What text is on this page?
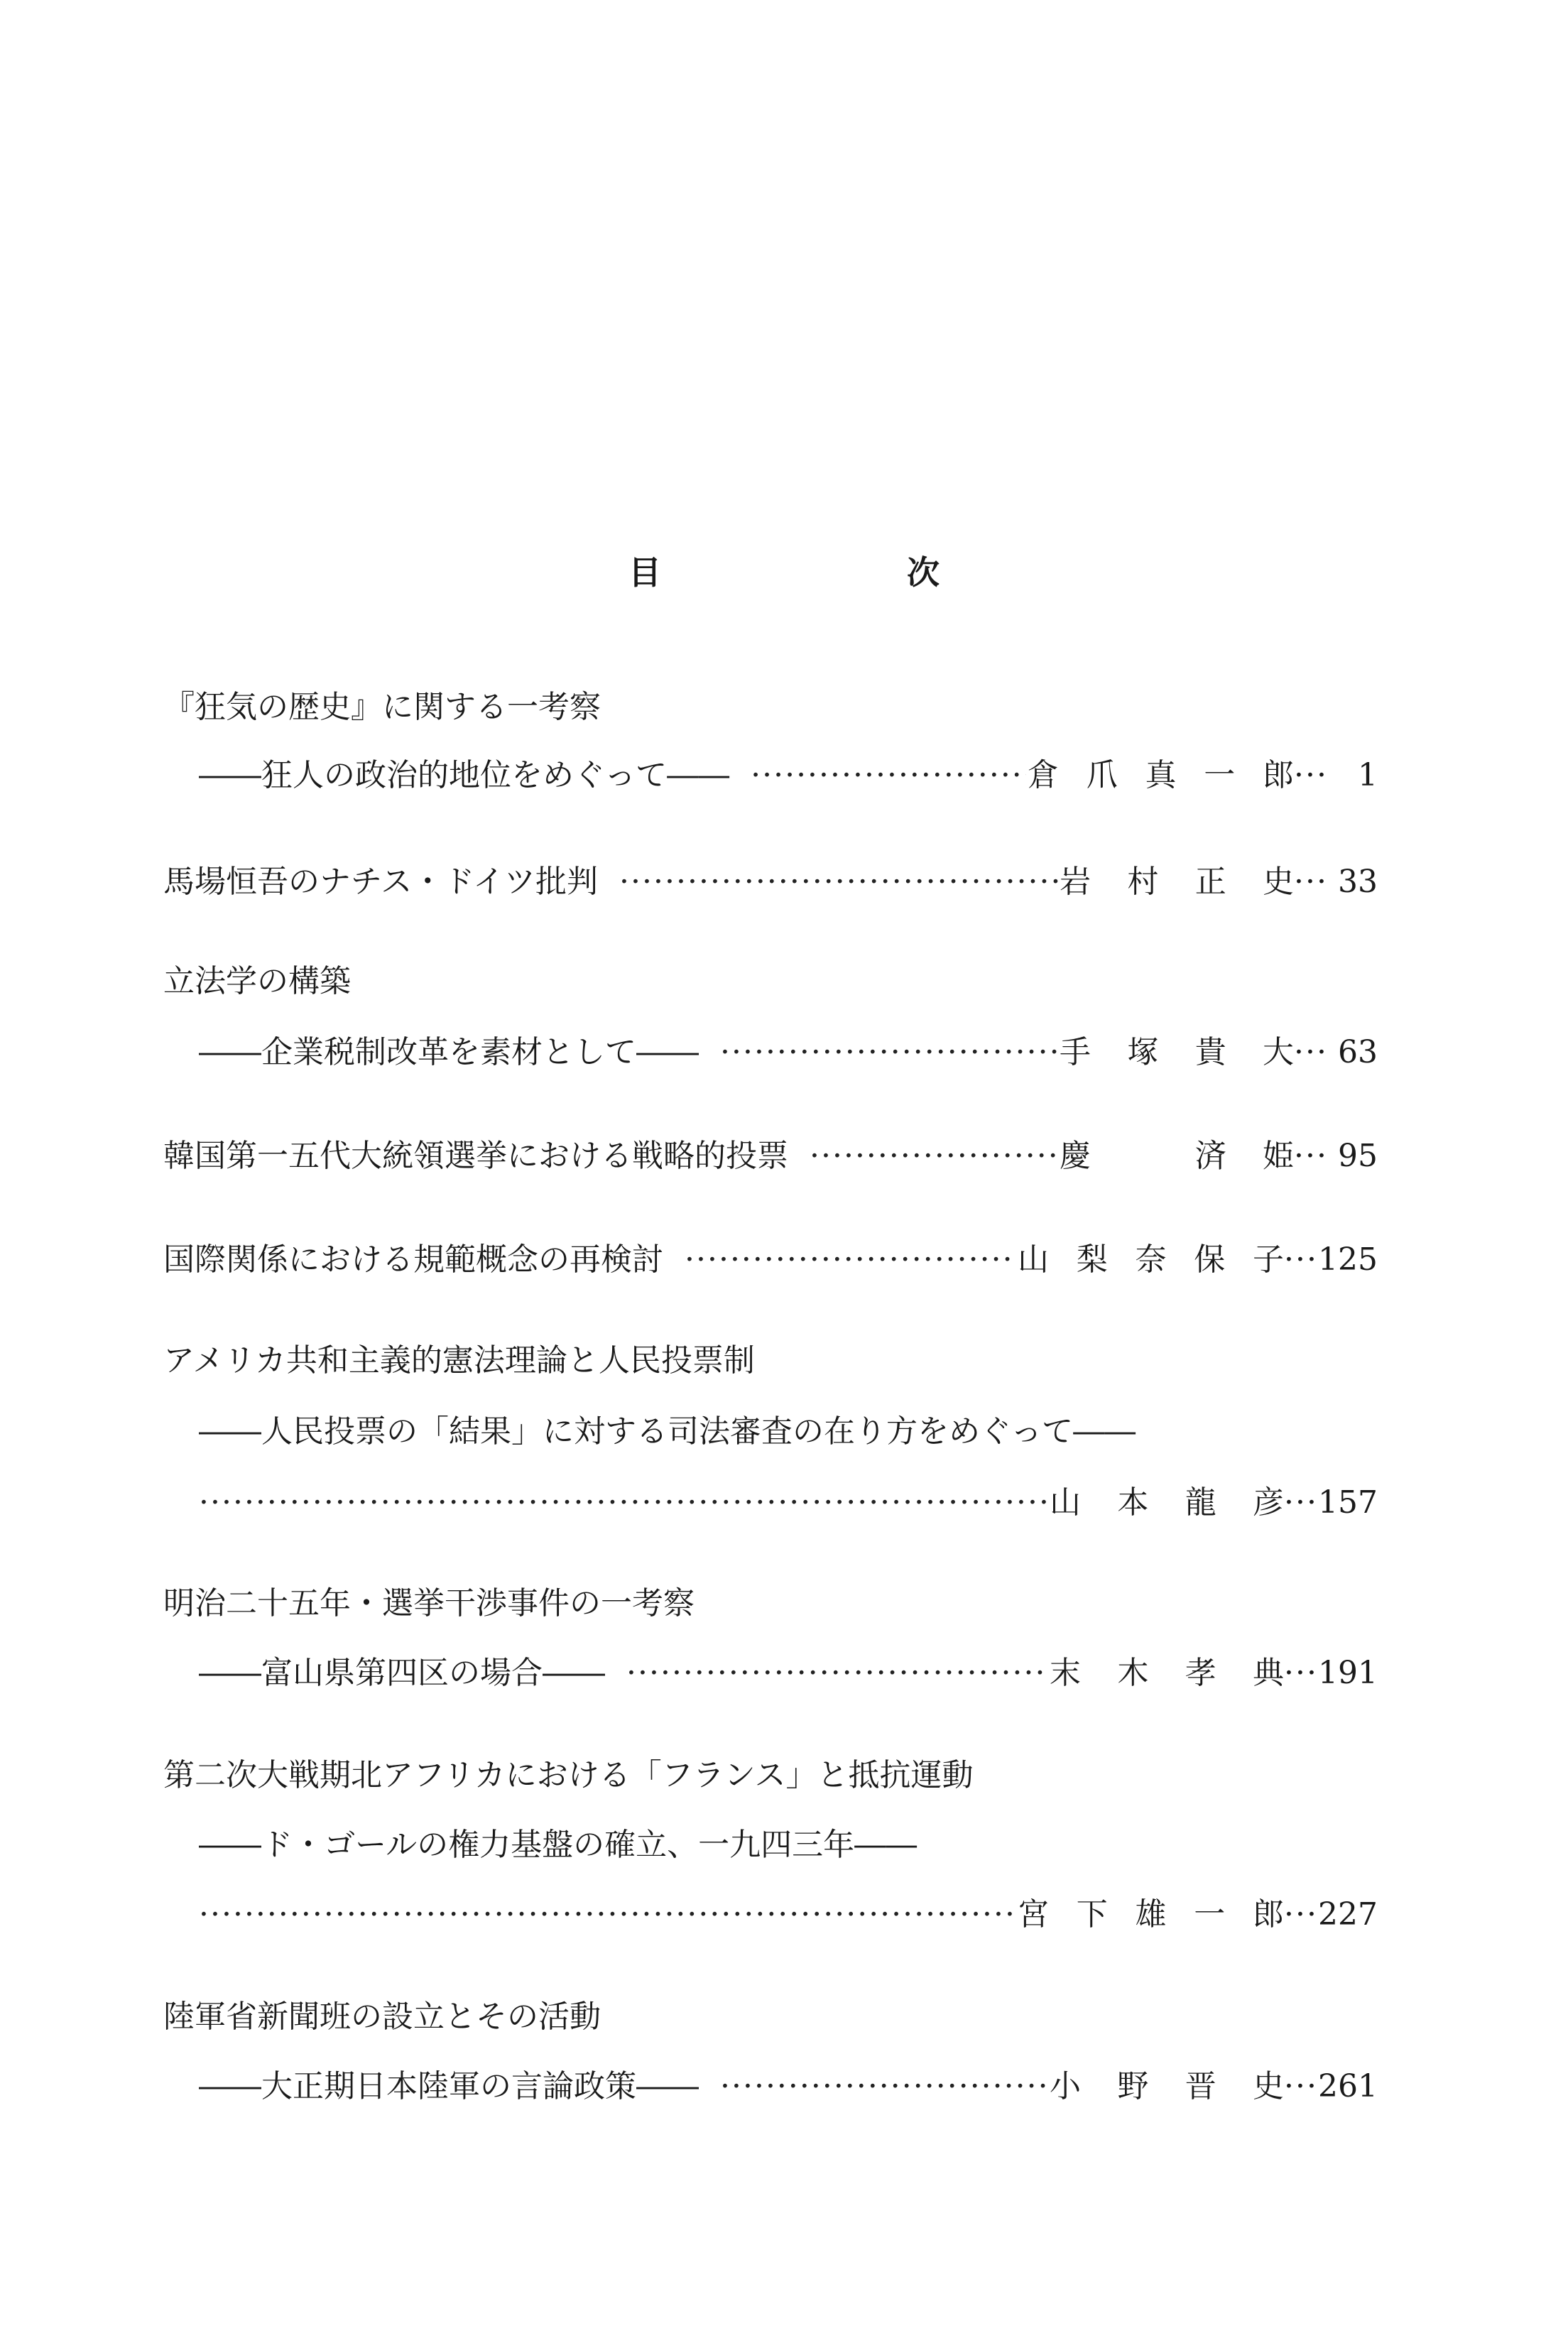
目　次
『狂気の歴史』に関する一考察
――狂人の政治的地位をめぐって―― ·····	倉爪真一郎 ··· 1
馬場恒吾のナチス・ドイツ批判 ·····	岩村正史 ··· 33
立法学の構築
――企業税制改革を素材として―― ·····	手塚貴大 ··· 63
韓国第一五代大統領選挙における戦略的投票 ·····	慶　済姫 ··· 95
国際関係における規範概念の再検討 ·····	山梨奈保子 ··· 125
アメリカ共和主義的憲法理論と人民投票制
――人民投票の「結果」に対する司法審査の在り方をめぐって――
·····
山本龍彦 ··· 157
明治二十五年・選挙干渉事件の一考察
――富山県第四区の場合―― ·····	末木孝典 ··· 191
第二次大戦期北アフリカにおける「フランス」と抵抗運動
――ド・ゴールの権力基盤の確立、一九四三年――
·····
宮下雄一郎 ··· 227
陸軍省新聞班の設立とその活動
――大正期日本陸軍の言論政策―― ·····	小野晋史 ··· 261
